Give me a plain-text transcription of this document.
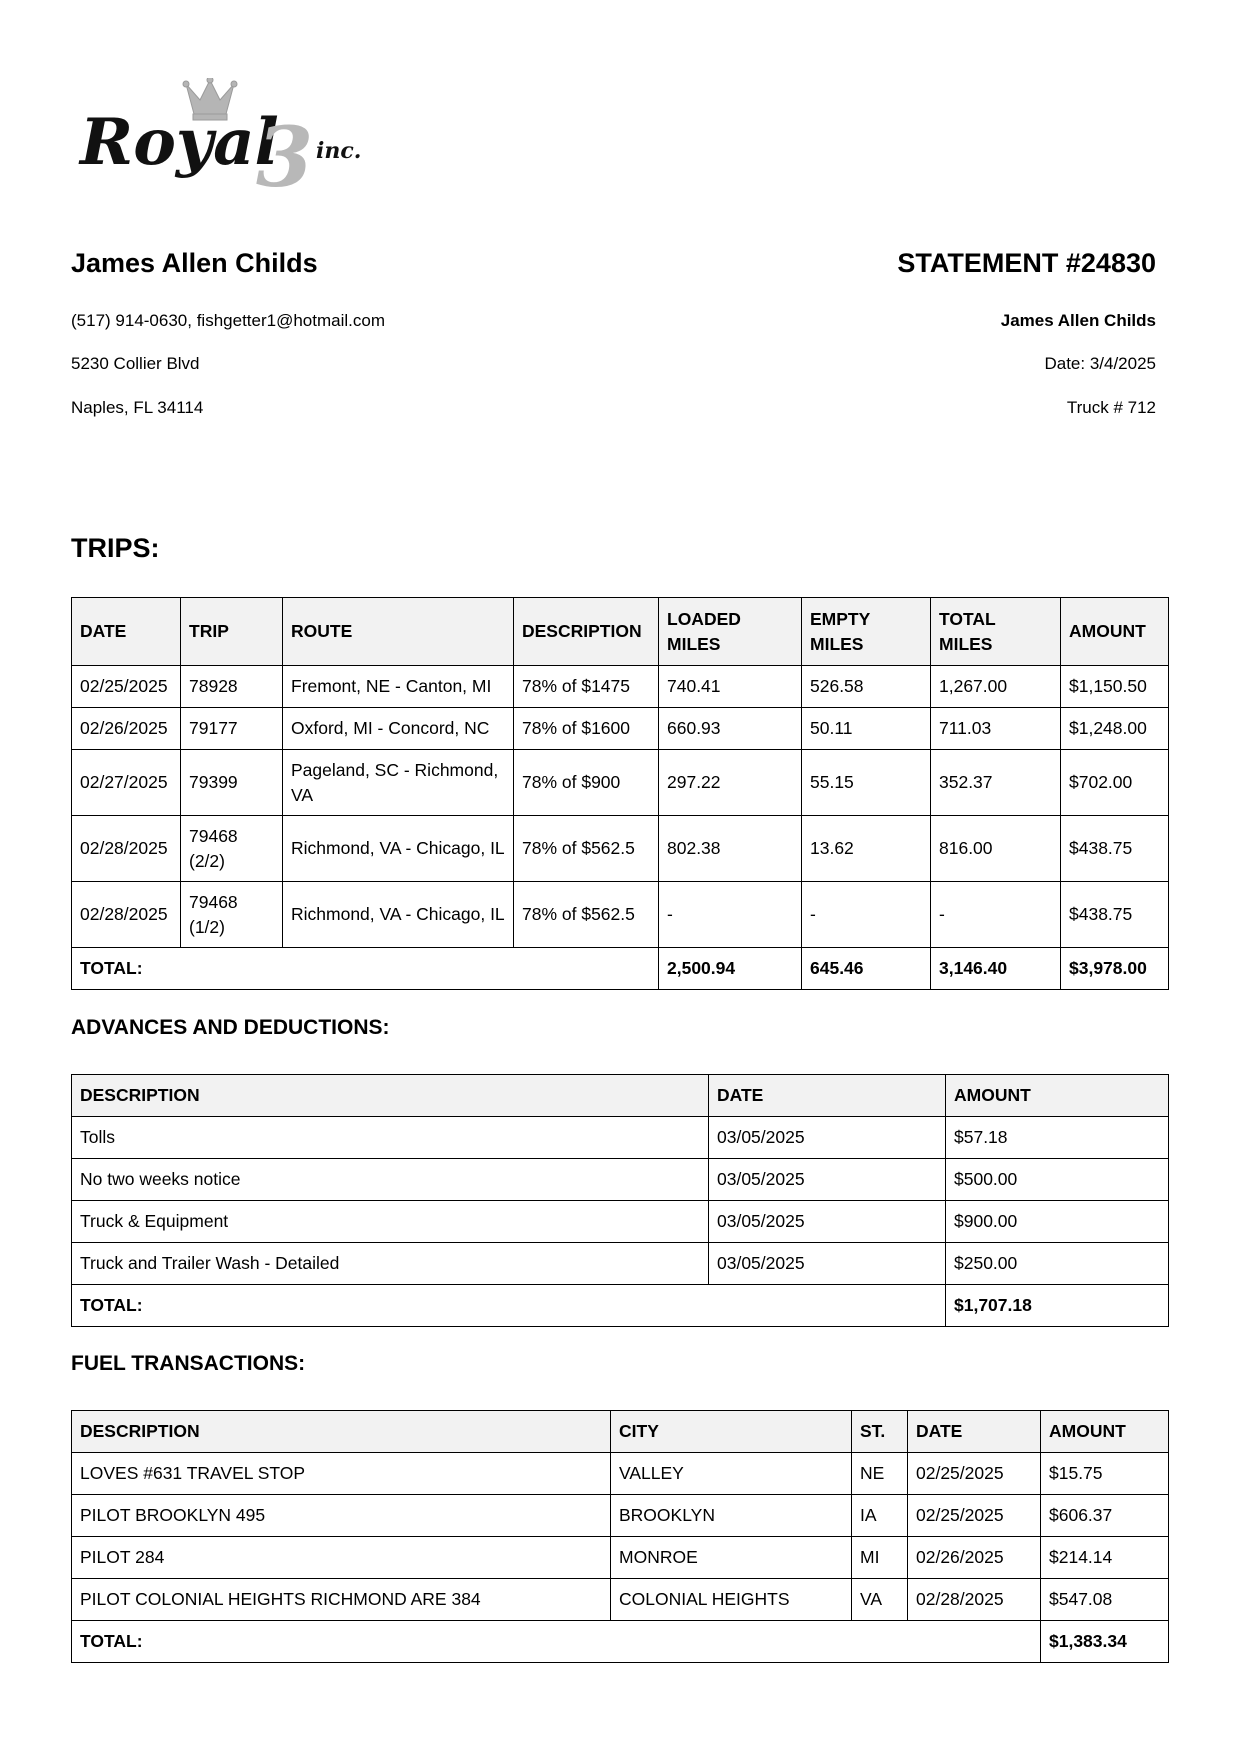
Royal
3 inc.
James Allen Childs	STATEMENT #24830
(517) 914-0630, fishgetter1@hotmail.com
5230 Collier Blvd
Naples, FL 34114
James Allen Childs
Date: 3/4/2025
Truck # 712
TRIPS:
DATE	TRIP	ROUTE	DESCRIPTION	LOADED MILES	EMPTY MILES	TOTAL MILES	AMOUNT
02/25/2025	78928	Fremont, NE - Canton, MI	78% of $1475	740.41	526.58	1,267.00	$1,150.50
02/26/2025	79177	Oxford, MI - Concord, NC	78% of $1600	660.93	50.11	711.03	$1,248.00
02/27/2025	79399	Pageland, SC - Richmond, VA	78% of $900	297.22	55.15	352.37	$702.00
02/28/2025	79468 (2/2)	Richmond, VA - Chicago, IL	78% of $562.5	802.38	13.62	816.00	$438.75
02/28/2025	79468 (1/2)	Richmond, VA - Chicago, IL	78% of $562.5	-	-	-	$438.75
TOTAL:				2,500.94	645.46	3,146.40	$3,978.00
ADVANCES AND DEDUCTIONS:
DESCRIPTION	DATE	AMOUNT
Tolls	03/05/2025	$57.18
No two weeks notice	03/05/2025	$500.00
Truck & Equipment	03/05/2025	$900.00
Truck and Trailer Wash - Detailed	03/05/2025	$250.00
TOTAL:		$1,707.18
FUEL TRANSACTIONS:
DESCRIPTION	CITY	ST.	DATE	AMOUNT
LOVES #631 TRAVEL STOP	VALLEY	NE	02/25/2025	$15.75
PILOT BROOKLYN 495	BROOKLYN	IA	02/25/2025	$606.37
PILOT 284	MONROE	MI	02/26/2025	$214.14
PILOT COLONIAL HEIGHTS RICHMOND ARE 384	COLONIAL HEIGHTS	VA	02/28/2025	$547.08
TOTAL:				$1,383.34
